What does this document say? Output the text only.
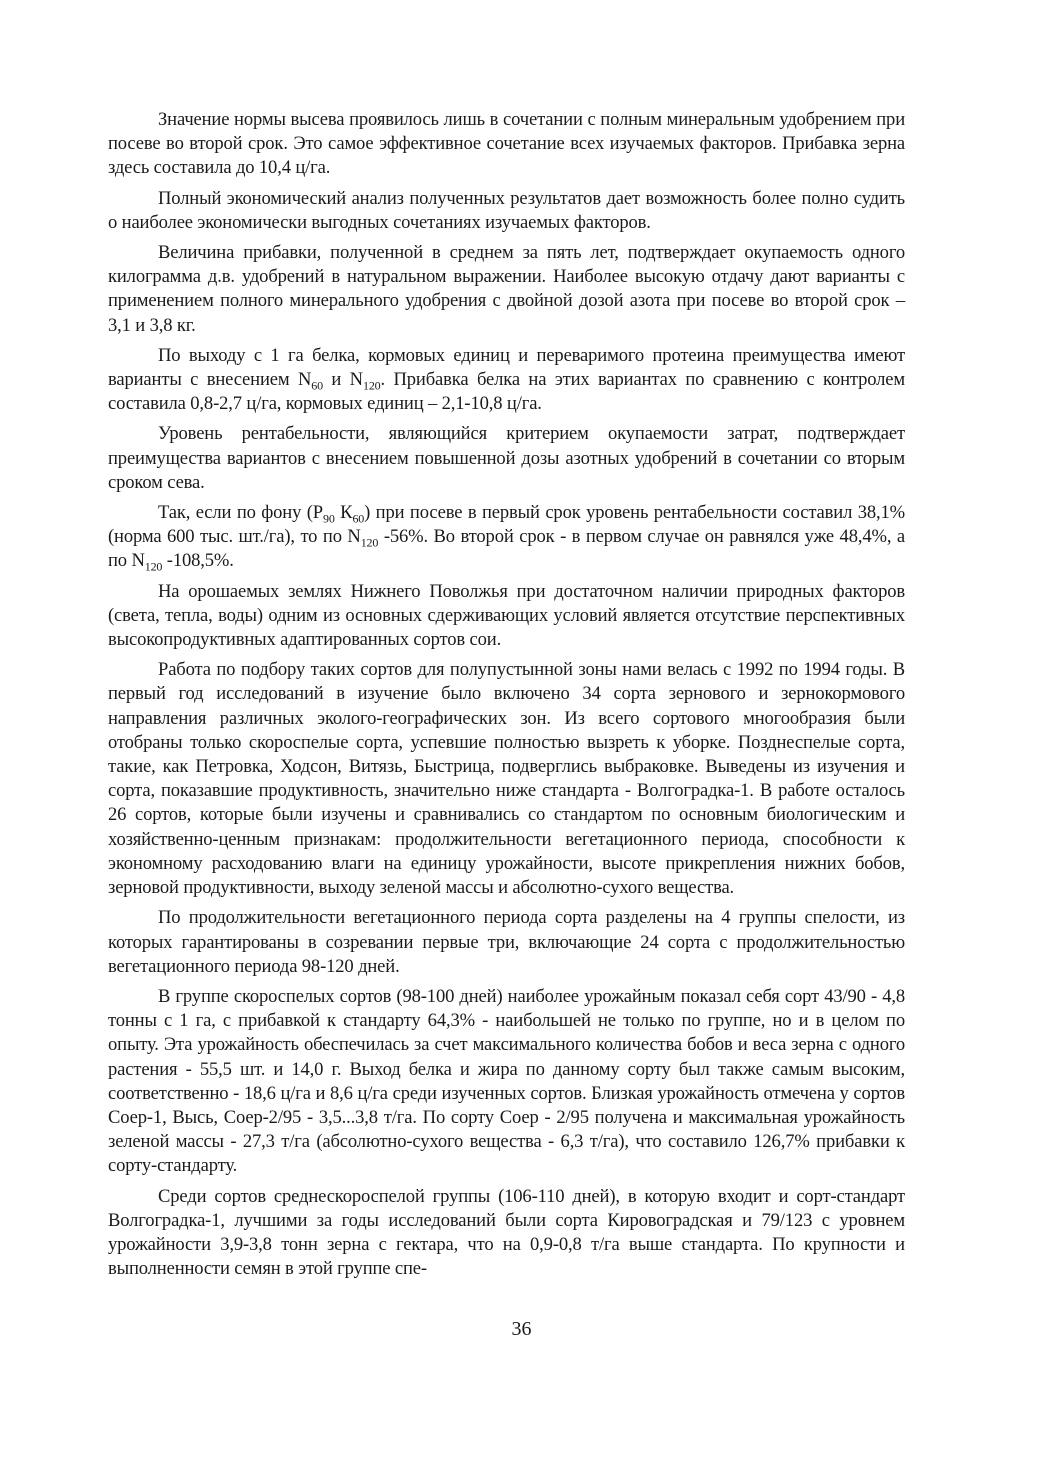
Значение нормы высева проявилось лишь в сочетании с полным минеральным удобрением при посеве во второй срок. Это самое эффективное сочетание всех изучаемых факторов. Прибавка зерна здесь составила до 10,4 ц/га.

Полный экономический анализ полученных результатов дает возможность более полно судить о наиболее экономически выгодных сочетаниях изучаемых факторов.

Величина прибавки, полученной в среднем за пять лет, подтверждает окупаемость одного килограмма д.в. удобрений в натуральном выражении. Наиболее высокую отдачу дают варианты с применением полного минерального удобрения с двойной дозой азота при посеве во второй срок – 3,1 и 3,8 кг.

По выходу с 1 га белка, кормовых единиц и переваримого протеина преимущества имеют варианты с внесением $N_{60}$ и $N_{120}$. Прибавка белка на этих вариантах по сравнению с контролем составила 0,8-2,7 ц/га, кормовых единиц – 2,1-10,8 ц/га.

Уровень рентабельности, являющийся критерием окупаемости затрат, подтверждает преимущества вариантов с внесением повышенной дозы азотных удобрений в сочетании со вторым сроком сева.

Так, если по фону ($Р_{90}$ $К_{60}$) при посеве в первый срок уровень рентабельности составил 38,1% (норма 600 тыс. шт./га), то по $N_{120}$ -56%. Во второй срок - в первом случае он равнялся уже 48,4%, а по $N_{120}$ -108,5%.

На орошаемых землях Нижнего Поволжья при достаточном наличии природных факторов (света, тепла, воды) одним из основных сдерживающих условий является отсутствие перспективных высокопродуктивных адаптированных сортов сои.

Работа по подбору таких сортов для полупустынной зоны нами велась с 1992 по 1994 годы. В первый год исследований в изучение было включено 34 сорта зернового и зернокормового направления различных эколого-географических зон. Из всего сортового многообразия были отобраны только скороспелые сорта, успевшие полностью вызреть к уборке. Позднеспелые сорта, такие, как Петровка, Ходсон, Витязь, Быстрица, подверглись выбраковке. Выведены из изучения и сорта, показавшие продуктивность, значительно ниже стандарта - Волгоградка-1. В работе осталось 26 сортов, которые были изучены и сравнивались со стандартом по основным биологическим и хозяйственно-ценным признакам: продолжительности вегетационного периода, способности к экономному расходованию влаги на единицу урожайности, высоте прикрепления нижних бобов, зерновой продуктивности, выходу зеленой массы и абсолютно-сухого вещества.

По продолжительности вегетационного периода сорта разделены на 4 группы спелости, из которых гарантированы в созревании первые три, включающие 24 сорта с продолжительностью вегетационного периода 98-120 дней.

В группе скороспелых сортов (98-100 дней) наиболее урожайным показал себя сорт 43/90 - 4,8 тонны с 1 га, с прибавкой к стандарту 64,3% - наибольшей не только по группе, но и в целом по опыту. Эта урожайность обеспечилась за счет максимального количества бобов и веса зерна с одного растения - 55,5 шт. и 14,0 г. Выход белка и жира по данному сорту был также самым высоким, соответственно - 18,6 ц/га и 8,6 ц/га среди изученных сортов. Близкая урожайность отмечена у сортов Соер-1, Высь, Соер-2/95 - 3,5...3,8 т/га. По сорту Соер - 2/95 получена и максимальная урожайность зеленой массы - 27,3 т/га (абсолютно-сухого вещества - 6,3 т/га), что составило 126,7% прибавки к сорту-стандарту.

Среди сортов среднескороспелой группы (106-110 дней), в которую входит и сорт-стандарт Волгоградка-1, лучшими за годы исследований были сорта Кировоградская и 79/123 с уровнем урожайности 3,9-3,8 тонн зерна с гектара, что на 0,9-0,8 т/га выше стандарта. По крупности и выполненности семян в этой группе спе-

36
